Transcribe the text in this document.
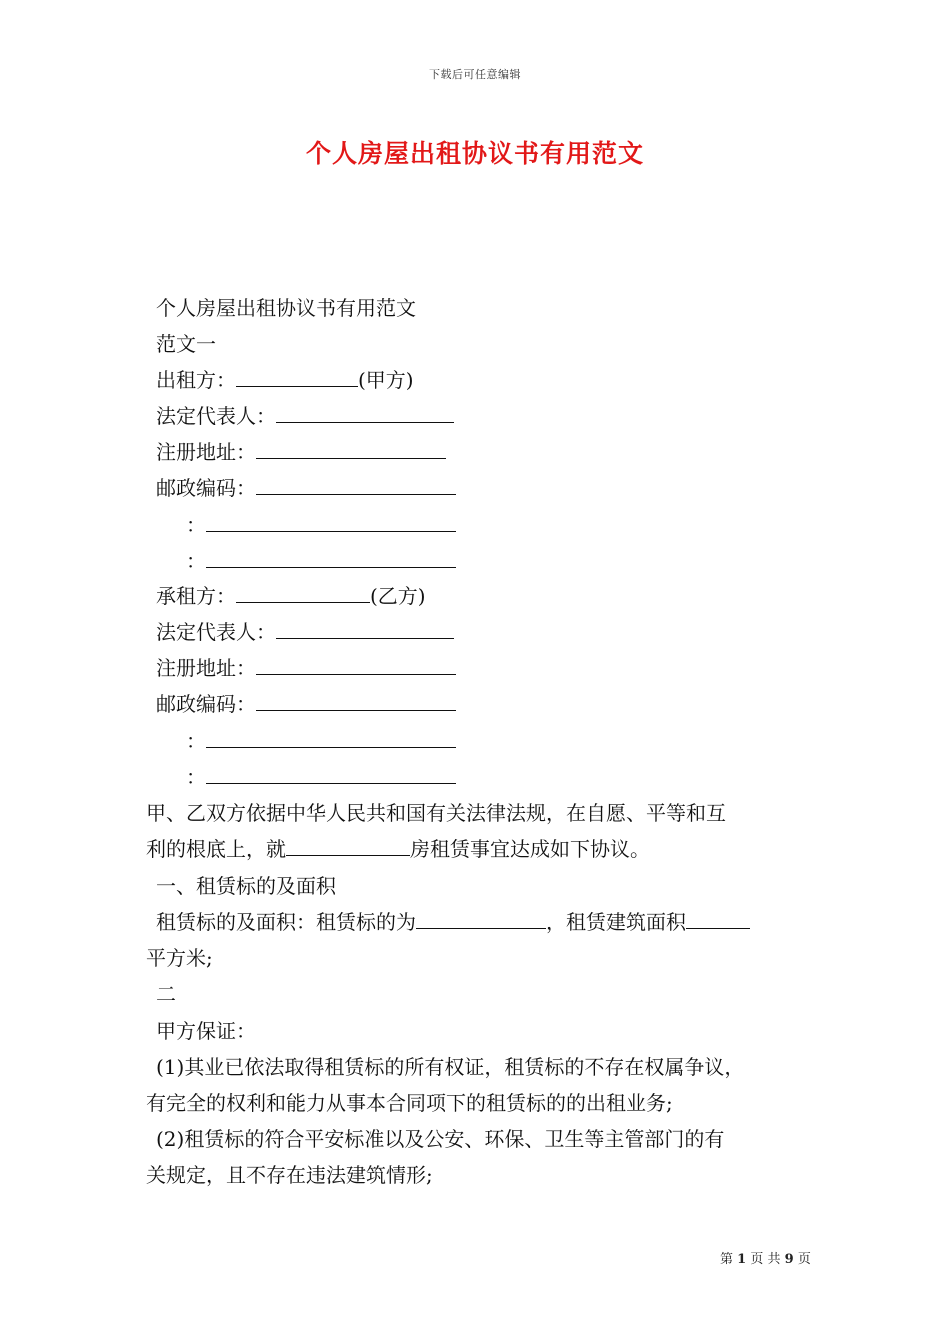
下载后可任意编辑
个人房屋出租协议书有用范文
个人房屋出租协议书有用范文
范文一
出租方：	(甲方)
法定代表人：
注册地址：
邮政编码：
：
：
承租方：	(乙方)
法定代表人：
注册地址：
邮政编码：
：
：
甲、乙双方依据中华人民共和国有关法律法规，在自愿、平等和互
利的根底上，就	房租赁事宜达成如下协议。
一、租赁标的及面积
租赁标的及面积：租赁标的为	，租赁建筑面积
平方米;
二
甲方保证：
(1)其业已依法取得租赁标的所有权证，租赁标的不存在权属争议，
有完全的权利和能力从事本合同项下的租赁标的的出租业务;
(2)租赁标的符合平安标准以及公安、环保、卫生等主管部门的有
关规定，且不存在违法建筑情形;
第 1 页 共 9 页
